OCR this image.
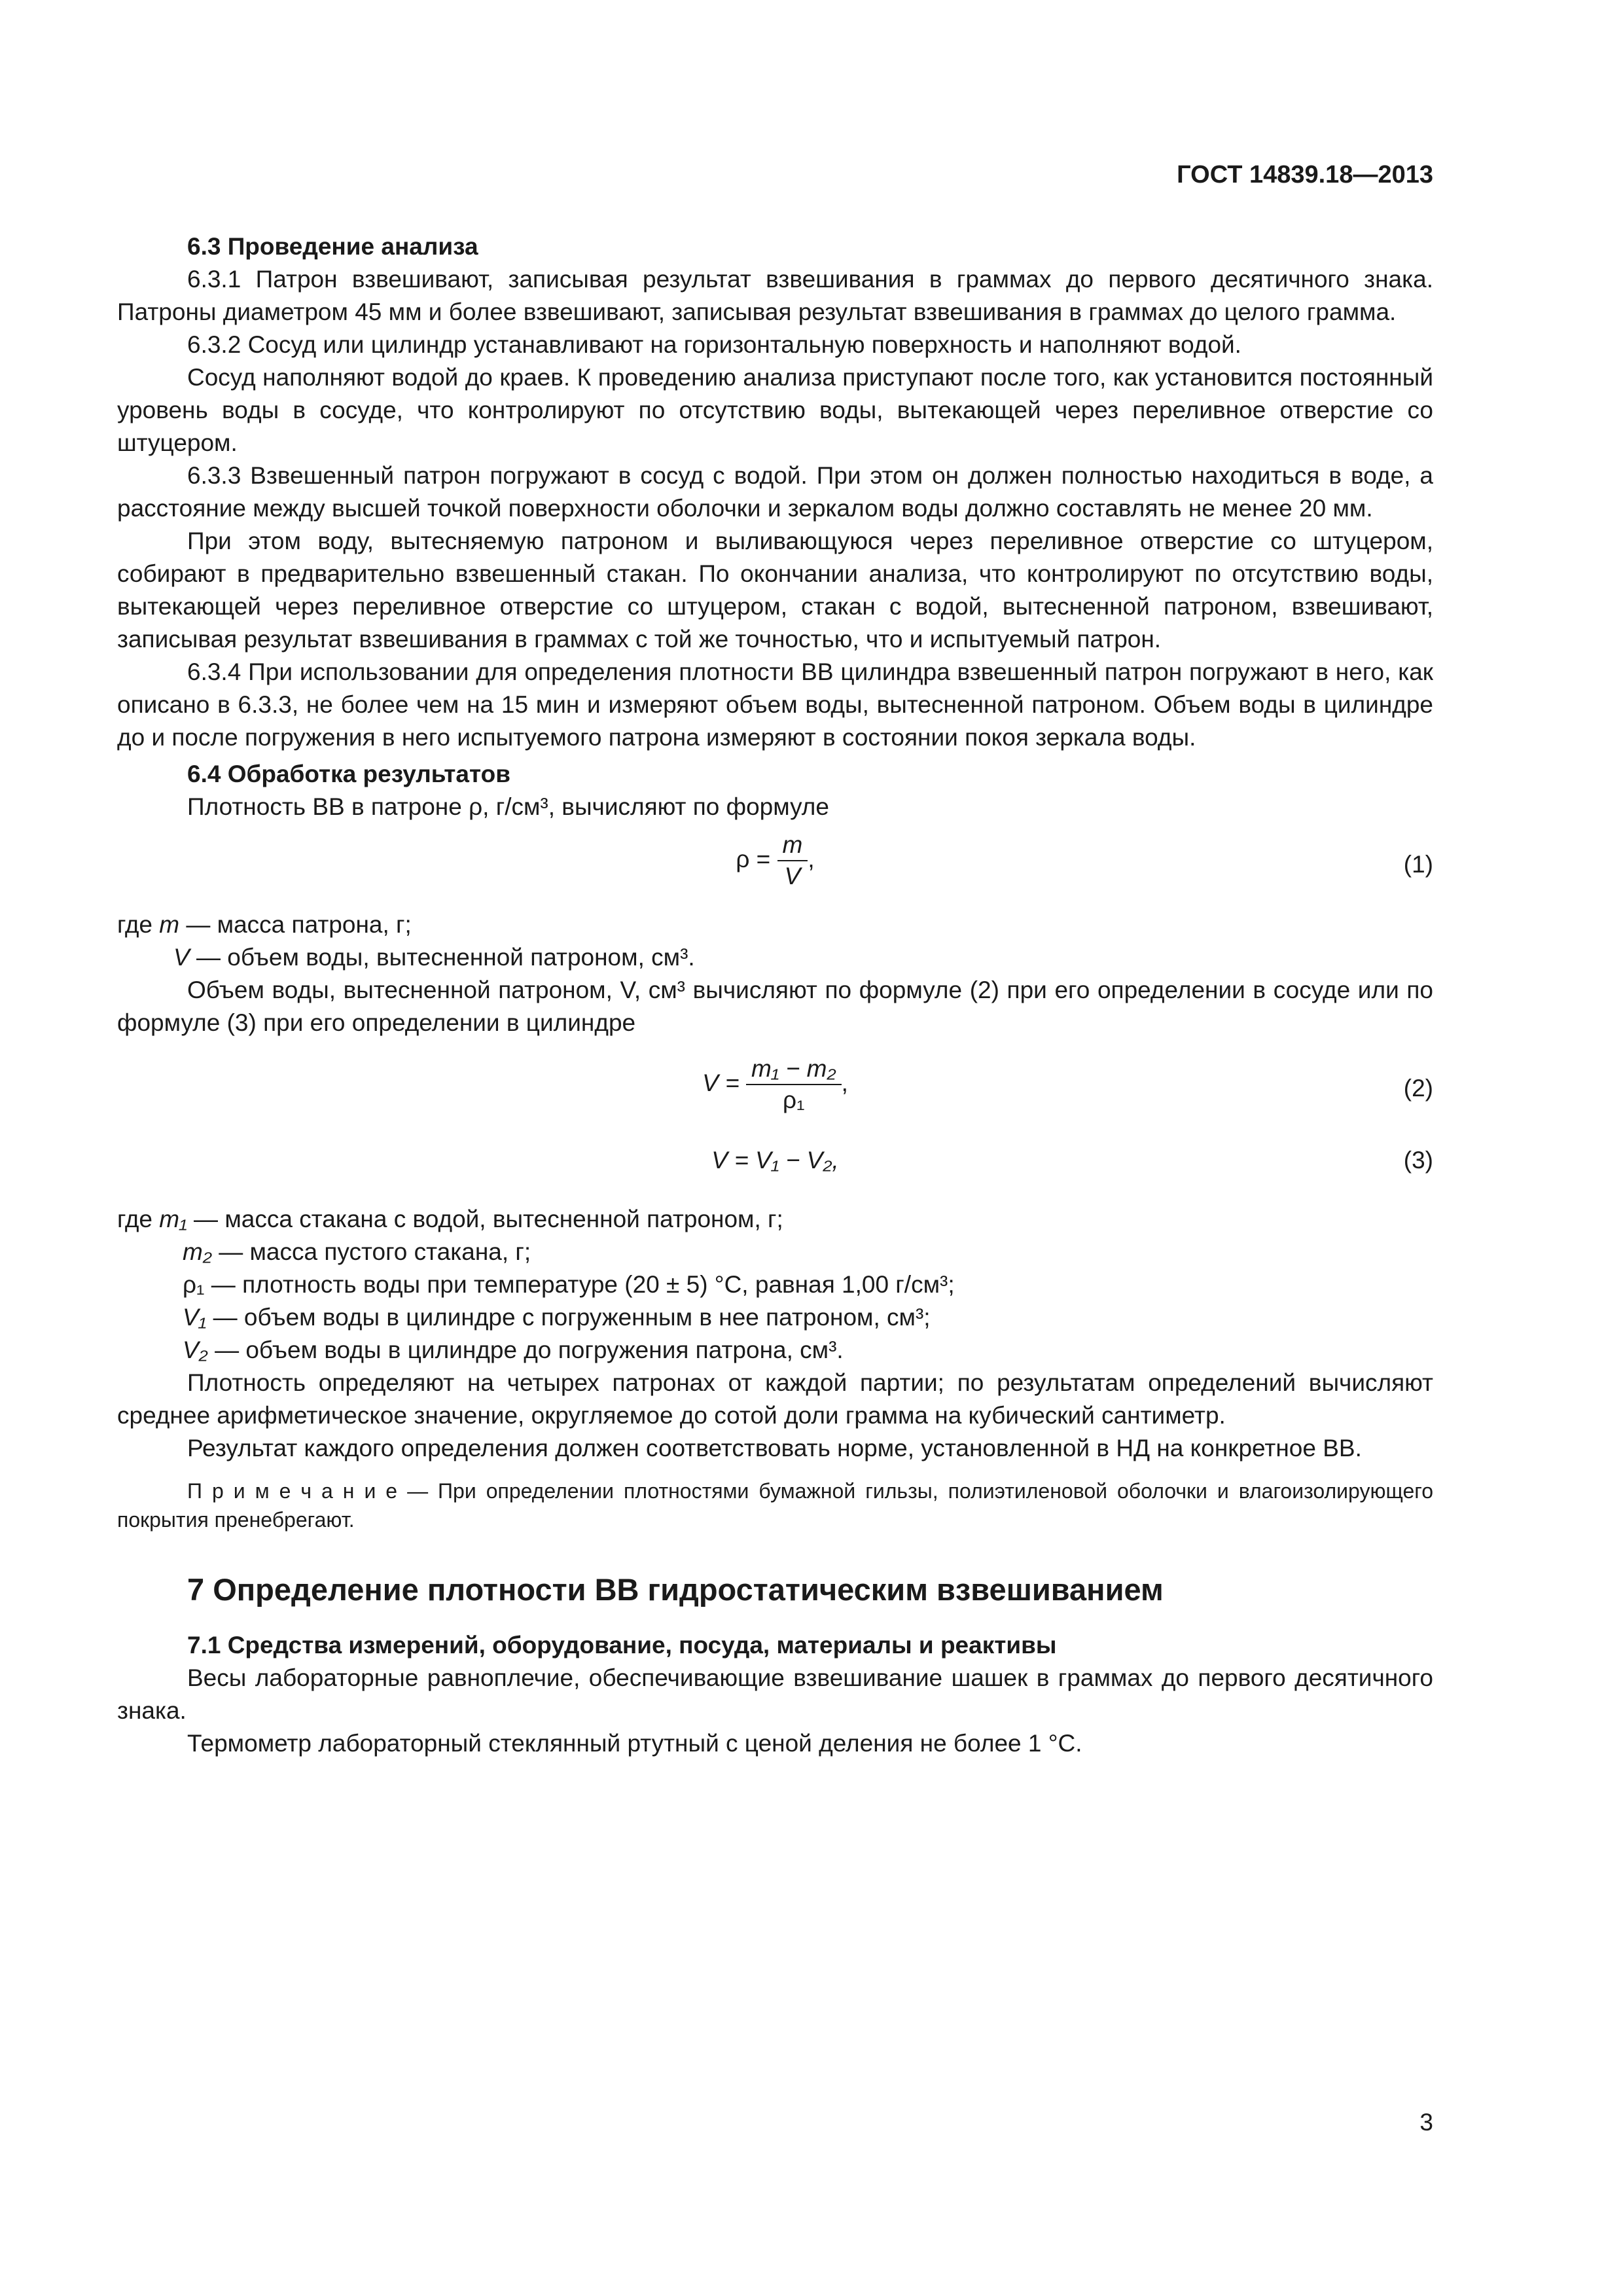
ГОСТ 14839.18—2013

6.3 Проведение анализа

6.3.1 Патрон взвешивают, записывая результат взвешивания в граммах до первого десятичного знака. Патроны диаметром 45 мм и более взвешивают, записывая результат взвешивания в граммах до целого грамма.

6.3.2 Сосуд или цилиндр устанавливают на горизонтальную поверхность и наполняют водой.

Сосуд наполняют водой до краев. К проведению анализа приступают после того, как установится постоянный уровень воды в сосуде, что контролируют по отсутствию воды, вытекающей через переливное отверстие со штуцером.

6.3.3 Взвешенный патрон погружают в сосуд с водой. При этом он должен полностью находиться в воде, а расстояние между высшей точкой поверхности оболочки и зеркалом воды должно составлять не менее 20 мм.

При этом воду, вытесняемую патроном и выливающуюся через переливное отверстие со штуцером, собирают в предварительно взвешенный стакан. По окончании анализа, что контролируют по отсутствию воды, вытекающей через переливное отверстие со штуцером, стакан с водой, вытесненной патроном, взвешивают, записывая результат взвешивания в граммах с той же точностью, что и испытуемый патрон.

6.3.4 При использовании для определения плотности ВВ цилиндра взвешенный патрон погружают в него, как описано в 6.3.3, не более чем на 15 мин и измеряют объем воды, вытесненной патроном. Объем воды в цилиндре до и после погружения в него испытуемого патрона измеряют в состоянии покоя зеркала воды.

6.4 Обработка результатов

Плотность ВВ в патроне ρ, г/см³, вычисляют по формуле

$\rho = \frac{m}{V}$ ,	(1)

где m — масса патрона, г;

V — объем воды, вытесненной патроном, см³.

Объем воды, вытесненной патроном, V, см³ вычисляют по формуле (2) при его определении в сосуде или по формуле (3) при его определении в цилиндре

$V = \frac{\text{m₁ − m₂}}{\text{ρ₁}}$ ,	(2)
V = V₁ − V₂,	(3)

где m₁ — масса стакана с водой, вытесненной патроном, г;

m₂ — масса пустого стакана, г;

ρ₁ — плотность воды при температуре (20 ± 5) °С, равная 1,00 г/см³;

V₁ — объем воды в цилиндре с погруженным в нее патроном, см³;

V₂ — объем воды в цилиндре до погружения патрона, см³.

Плотность определяют на четырех патронах от каждой партии; по результатам определений вычисляют среднее арифметическое значение, округляемое до сотой доли грамма на кубический сантиметр.

Результат каждого определения должен соответствовать норме, установленной в НД на конкретное ВВ.

П р и м е ч а н и е — При определении плотностями бумажной гильзы, полиэтиленовой оболочки и влагоизолирующего покрытия пренебрегают.

7 Определение плотности ВВ гидростатическим взвешиванием

7.1 Средства измерений, оборудование, посуда, материалы и реактивы

Весы лабораторные равноплечие, обеспечивающие взвешивание шашек в граммах до первого десятичного знака.

Термометр лабораторный стеклянный ртутный с ценой деления не более 1 °С.

3
